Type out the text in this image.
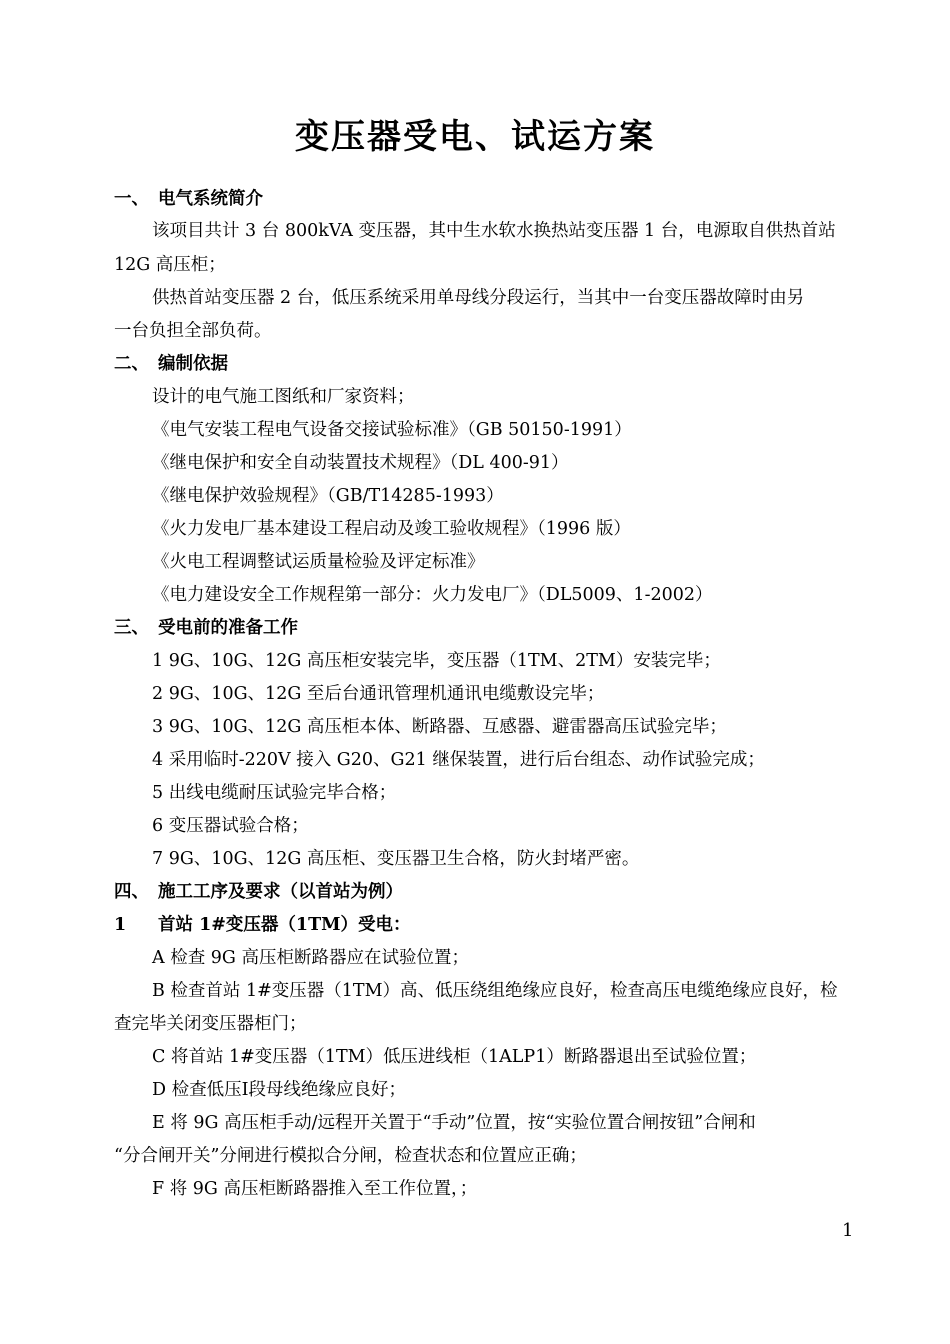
变压器受电、试运方案
一、 电气系统简介
该项目共计 3 台 800kVA 变压器，其中生水软水换热站变压器 1 台，电源取自供热首站
12G 高压柜；
供热首站变压器 2 台，低压系统采用单母线分段运行，当其中一台变压器故障时由另
一台负担全部负荷。
二、 编制依据
设计的电气施工图纸和厂家资料；
《电气安装工程电气设备交接试验标准》（GB 50150-1991）
《继电保护和安全自动装置技术规程》（DL 400-91）
《继电保护效验规程》（GB/T14285-1993）
《火力发电厂基本建设工程启动及竣工验收规程》（1996 版）
《火电工程调整试运质量检验及评定标准》
《电力建设安全工作规程第一部分：火力发电厂》（DL5009、1-2002）
三、 受电前的准备工作
1 9G、10G、12G 高压柜安装完毕，变压器（1TM、2TM）安装完毕；
2 9G、10G、12G 至后台通讯管理机通讯电缆敷设完毕；
3 9G、10G、12G 高压柜本体、断路器、互感器、避雷器高压试验完毕；
4 采用临时-220V 接入 G20、G21 继保装置，进行后台组态、动作试验完成；
5 出线电缆耐压试验完毕合格；
6 变压器试验合格；
7 9G、10G、12G 高压柜、变压器卫生合格，防火封堵严密。
四、 施工工序及要求（以首站为例）
1 首站 1#变压器（1TM）受电：
A 检查 9G 高压柜断路器应在试验位置；
B 检查首站 1#变压器（1TM）高、低压绕组绝缘应良好，检查高压电缆绝缘应良好，检
查完毕关闭变压器柜门；
C 将首站 1#变压器（1TM）低压进线柜（1ALP1）断路器退出至试验位置；
D 检查低压Ⅰ段母线绝缘应良好；
E 将 9G 高压柜手动/远程开关置于“手动”位置，按“实验位置合闸按钮”合闸和
“分合闸开关”分闸进行模拟合分闸，检查状态和位置应正确；
F 将 9G 高压柜断路器推入至工作位置，；
1
